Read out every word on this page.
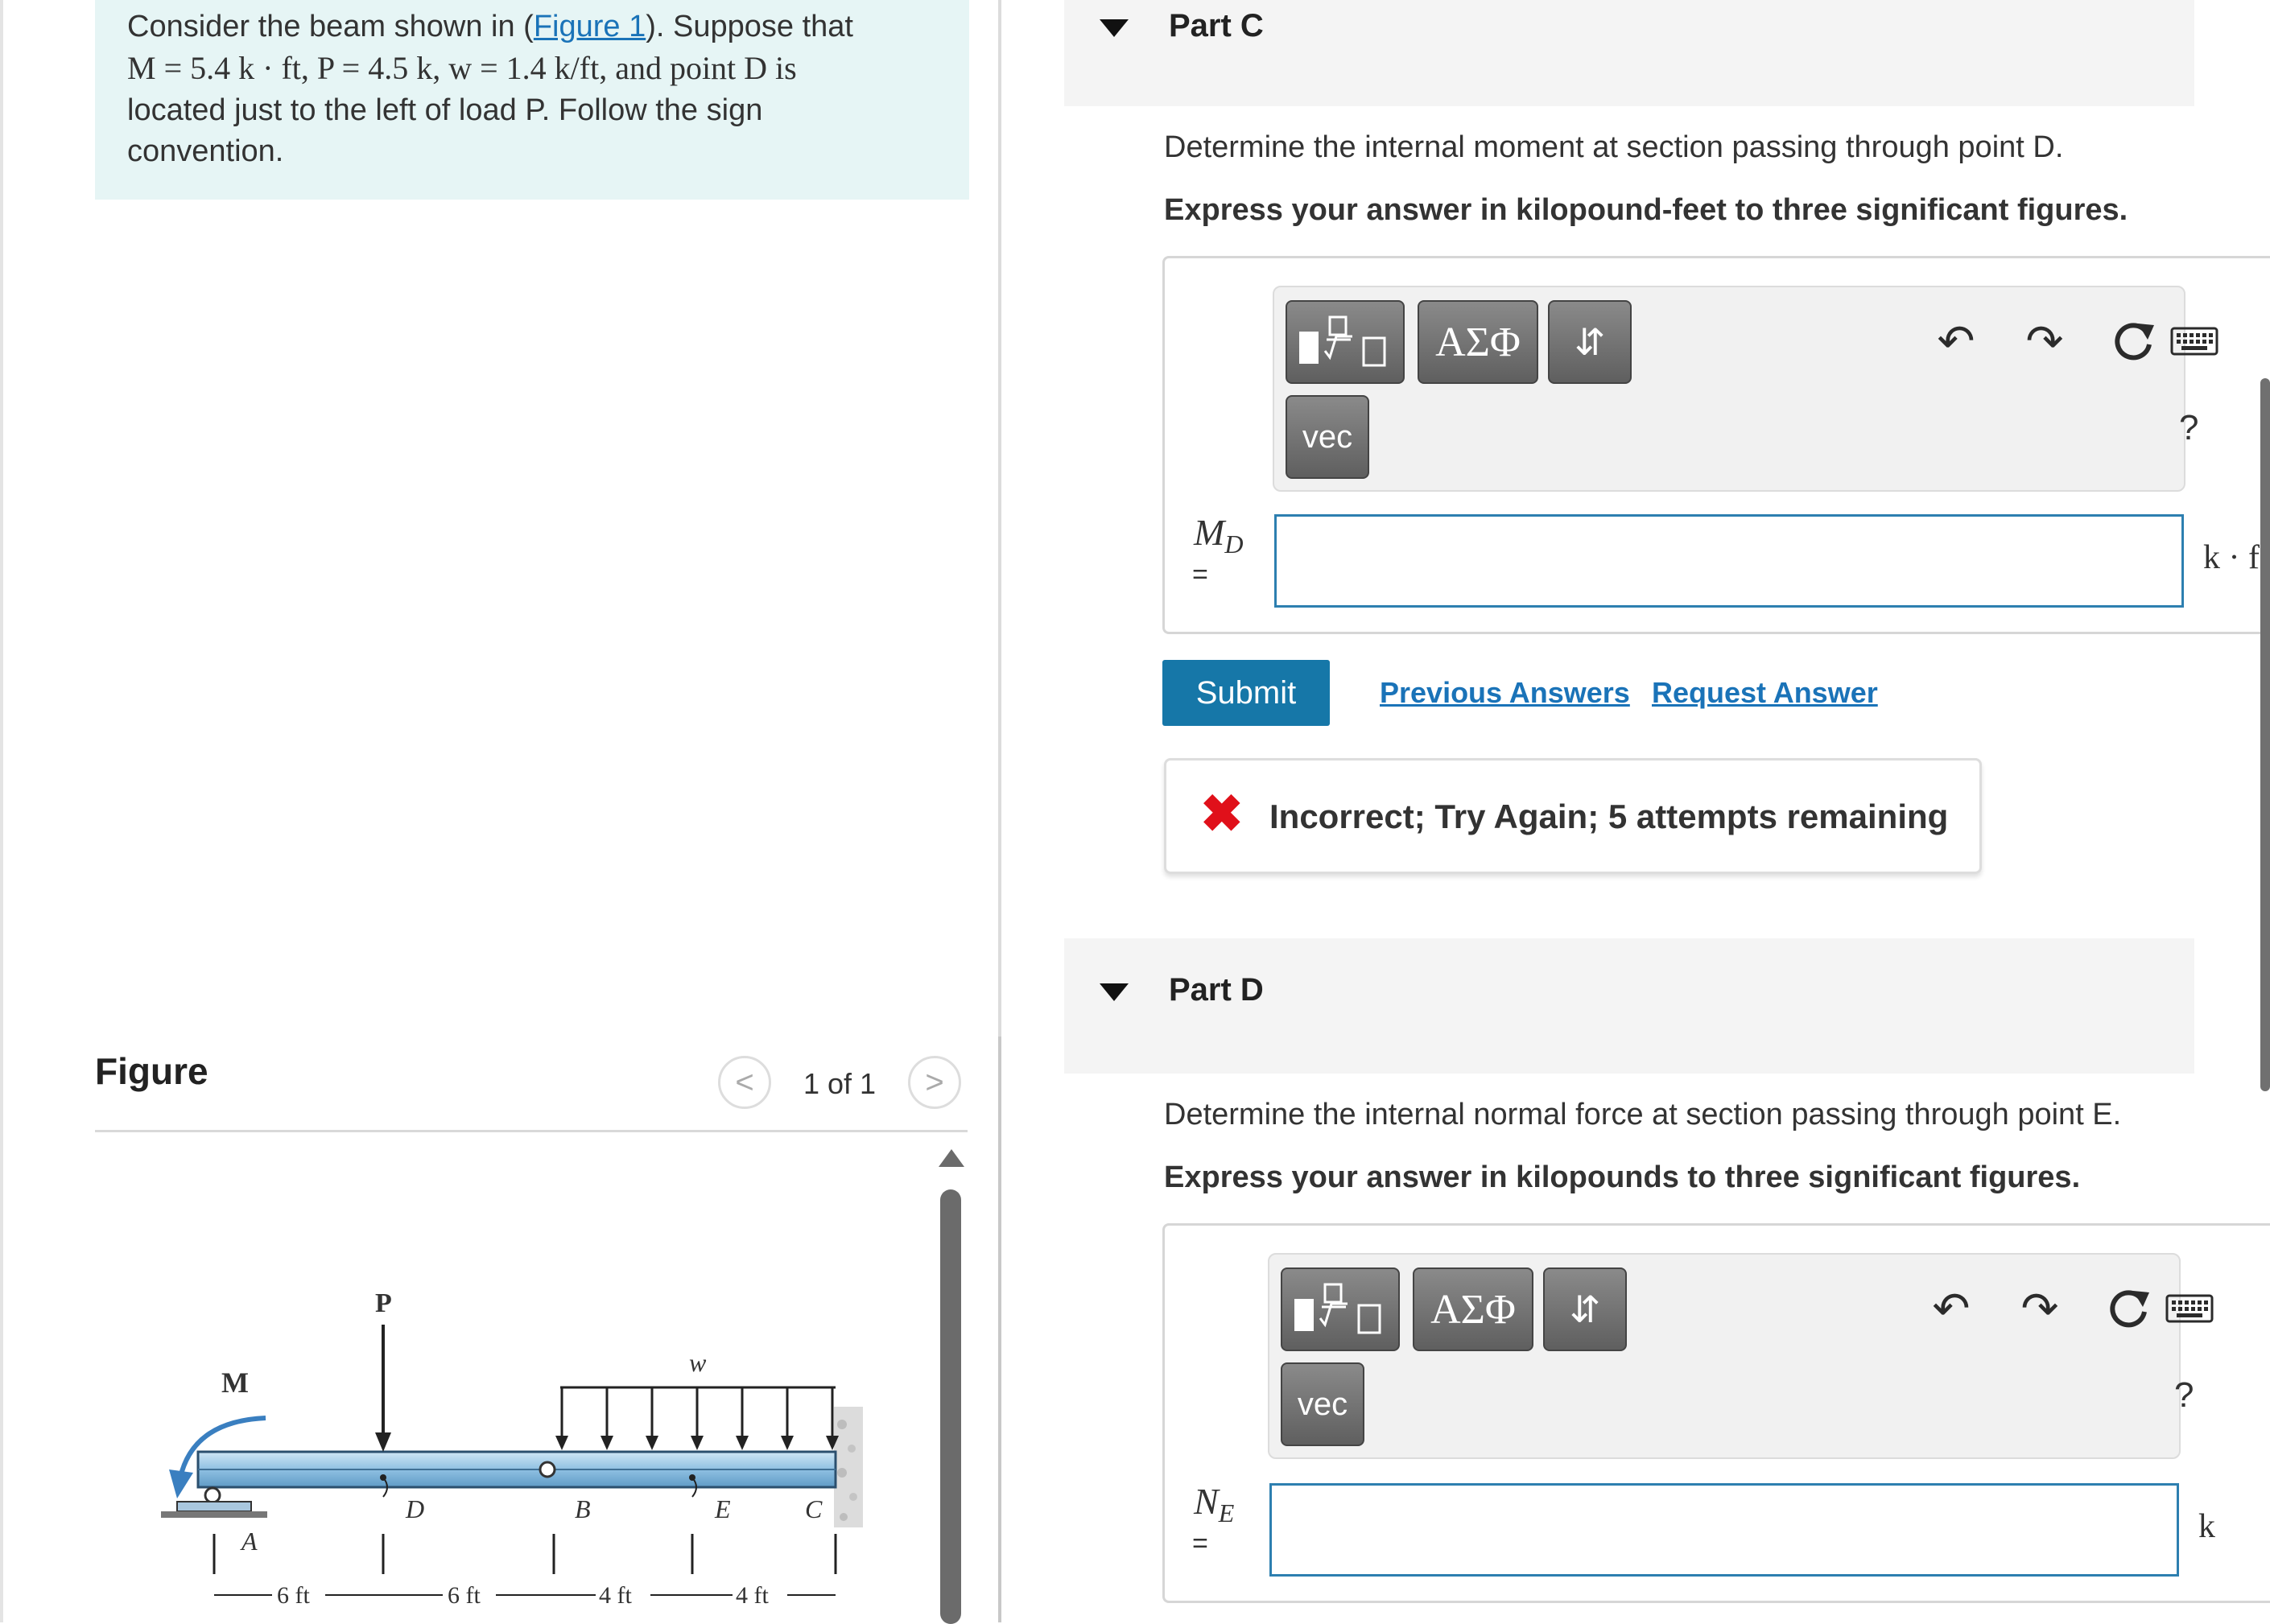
Consider the beam shown in (Figure 1). Suppose that
M = 5.4 k · ft, P = 4.5 k, w = 1.4 k/ft, and point D is
located just to the left of load P. Follow the sign
convention.
Figure	< 1 of 1 >
M
P
w
A
D	B	E	C
6 ft	6 ft	4 ft	4 ft
Part C
Determine the internal moment at section passing through point D.
Express your answer in kilopound-feet to three significant figures.
ΑΣΦ	⇵
vec
↶ ↷
?
$M_D$
=	k · f
Submit	Previous Answers Request Answer
✖ Incorrect; Try Again; 5 attempts remaining
Part D
Determine the internal normal force at section passing through point E.
Express your answer in kilopounds to three significant figures.
ΑΣΦ	⇵
vec
↶ ↷
?
$N_E$
=	k
